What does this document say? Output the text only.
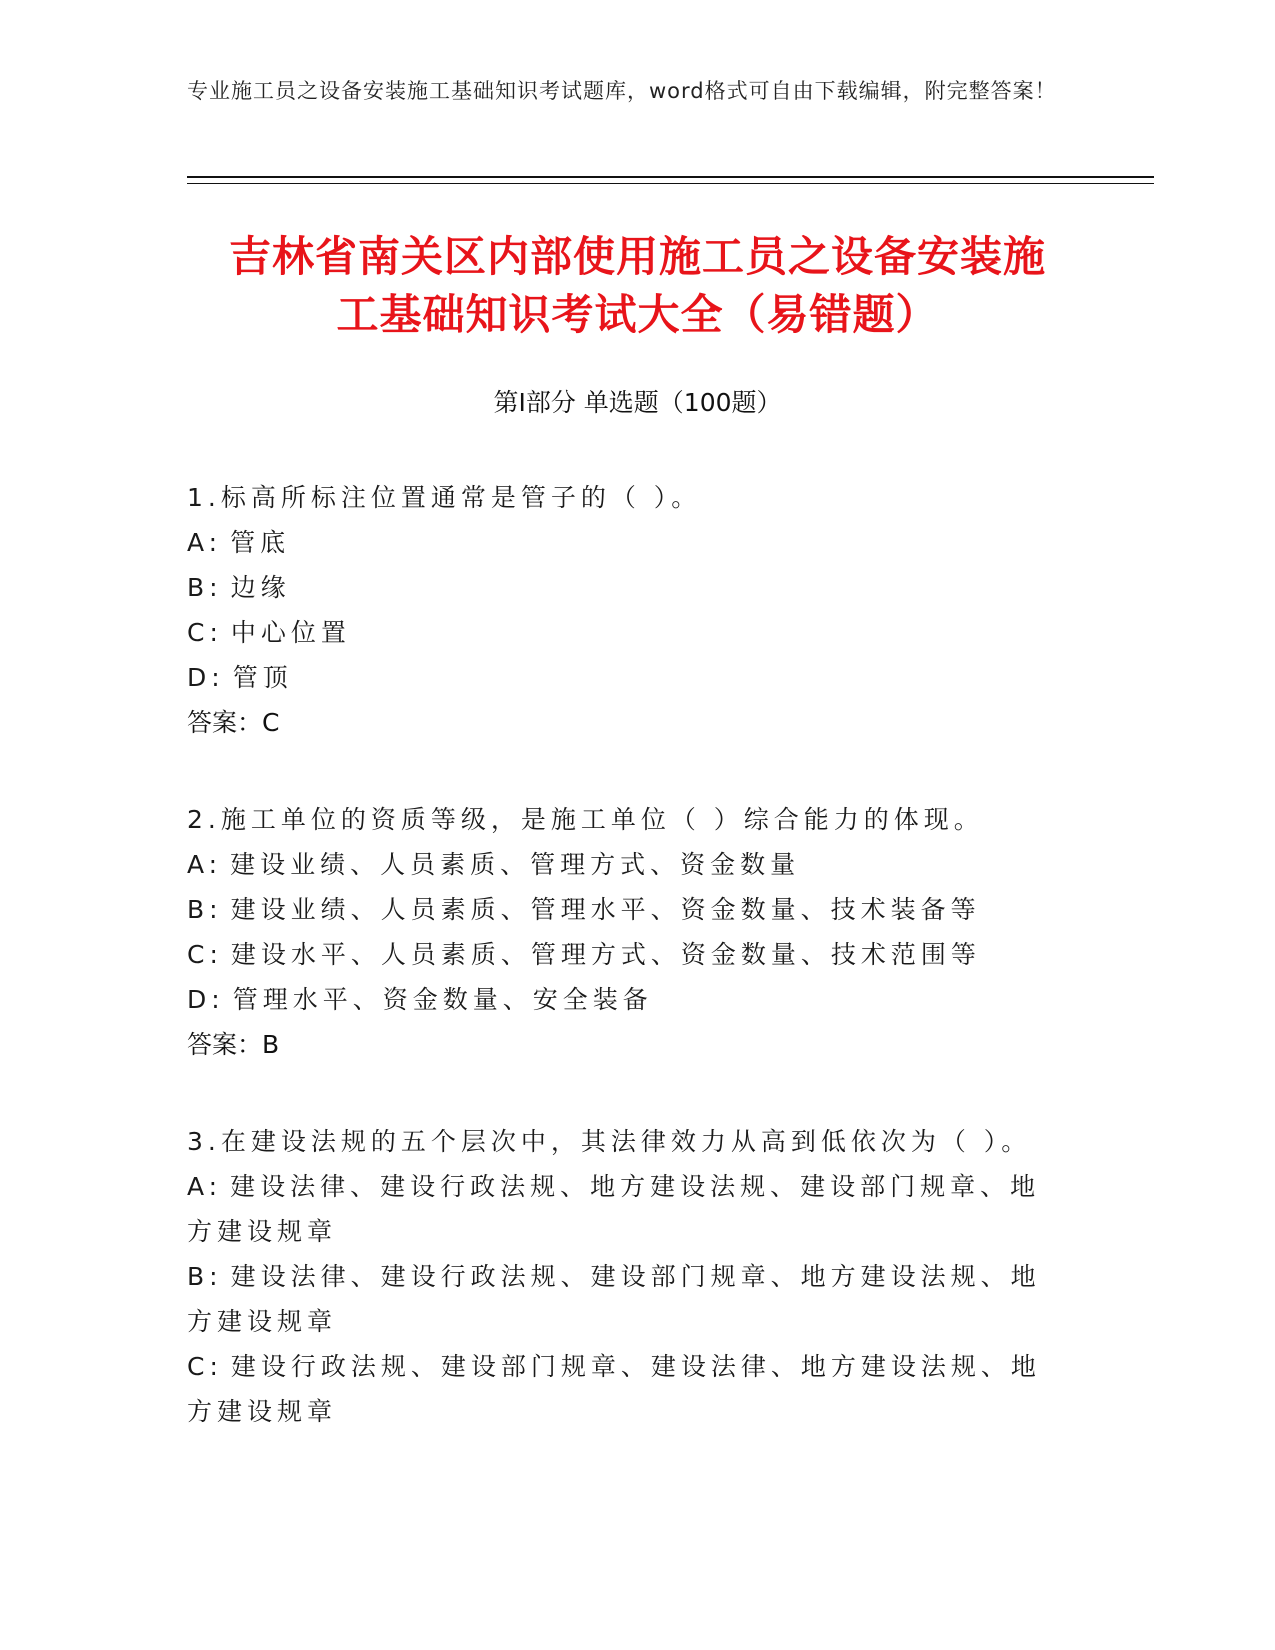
专业施工员之设备安装施工基础知识考试题库，word格式可自由下载编辑，附完整答案！
吉林省南关区内部使用施工员之设备安装施
工基础知识考试大全（易错题）
第Ⅰ部分 单选题（100题）
1.标高所标注位置通常是管子的（ ）。
A: 管底
B: 边缘
C: 中心位置
D: 管顶
答案：C
2.施工单位的资质等级，是施工单位（ ）综合能力的体现。
A: 建设业绩、人员素质、管理方式、资金数量
B: 建设业绩、人员素质、管理水平、资金数量、技术装备等
C: 建设水平、人员素质、管理方式、资金数量、技术范围等
D: 管理水平、资金数量、安全装备
答案：B
3.在建设法规的五个层次中，其法律效力从高到低依次为（ ）。
A: 建设法律、建设行政法规、地方建设法规、建设部门规章、地方建设规章
B: 建设法律、建设行政法规、建设部门规章、地方建设法规、地方建设规章
C: 建设行政法规、建设部门规章、建设法律、地方建设法规、地方建设规章
